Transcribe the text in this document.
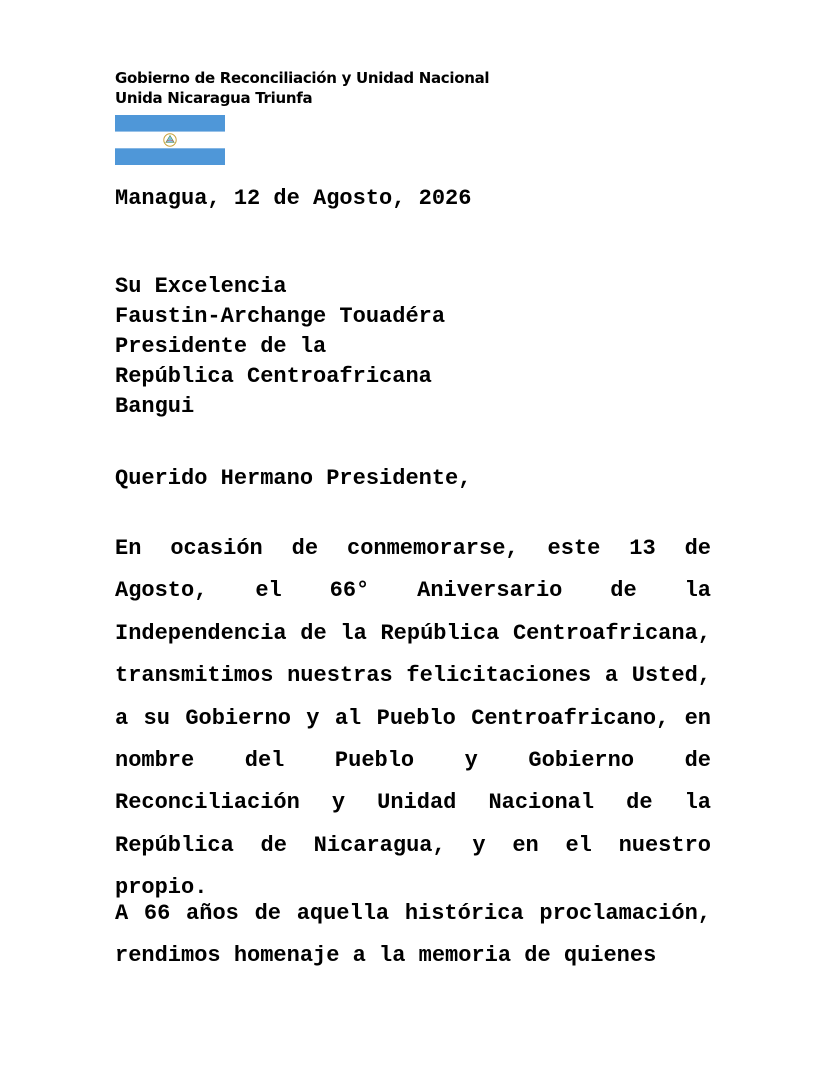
Gobierno de Reconciliación y Unidad Nacional
Unida Nicaragua Triunfa
Managua, 12 de Agosto, 2026
Su Excelencia
Faustin-Archange Touadéra
Presidente de la
República Centroafricana
Bangui
Querido Hermano Presidente,

En ocasión de conmemorarse, este 13 de Agosto, el 66° Aniversario de la Independencia de la República Centroafricana, transmitimos nuestras felicitaciones a Usted, a su Gobierno y al Pueblo Centroafricano, en nombre del Pueblo y Gobierno de Reconciliación y Unidad Nacional de la República de Nicaragua, y en el nuestro propio.

A 66 años de aquella histórica proclamación, rendimos homenaje a la memoria de quienes
